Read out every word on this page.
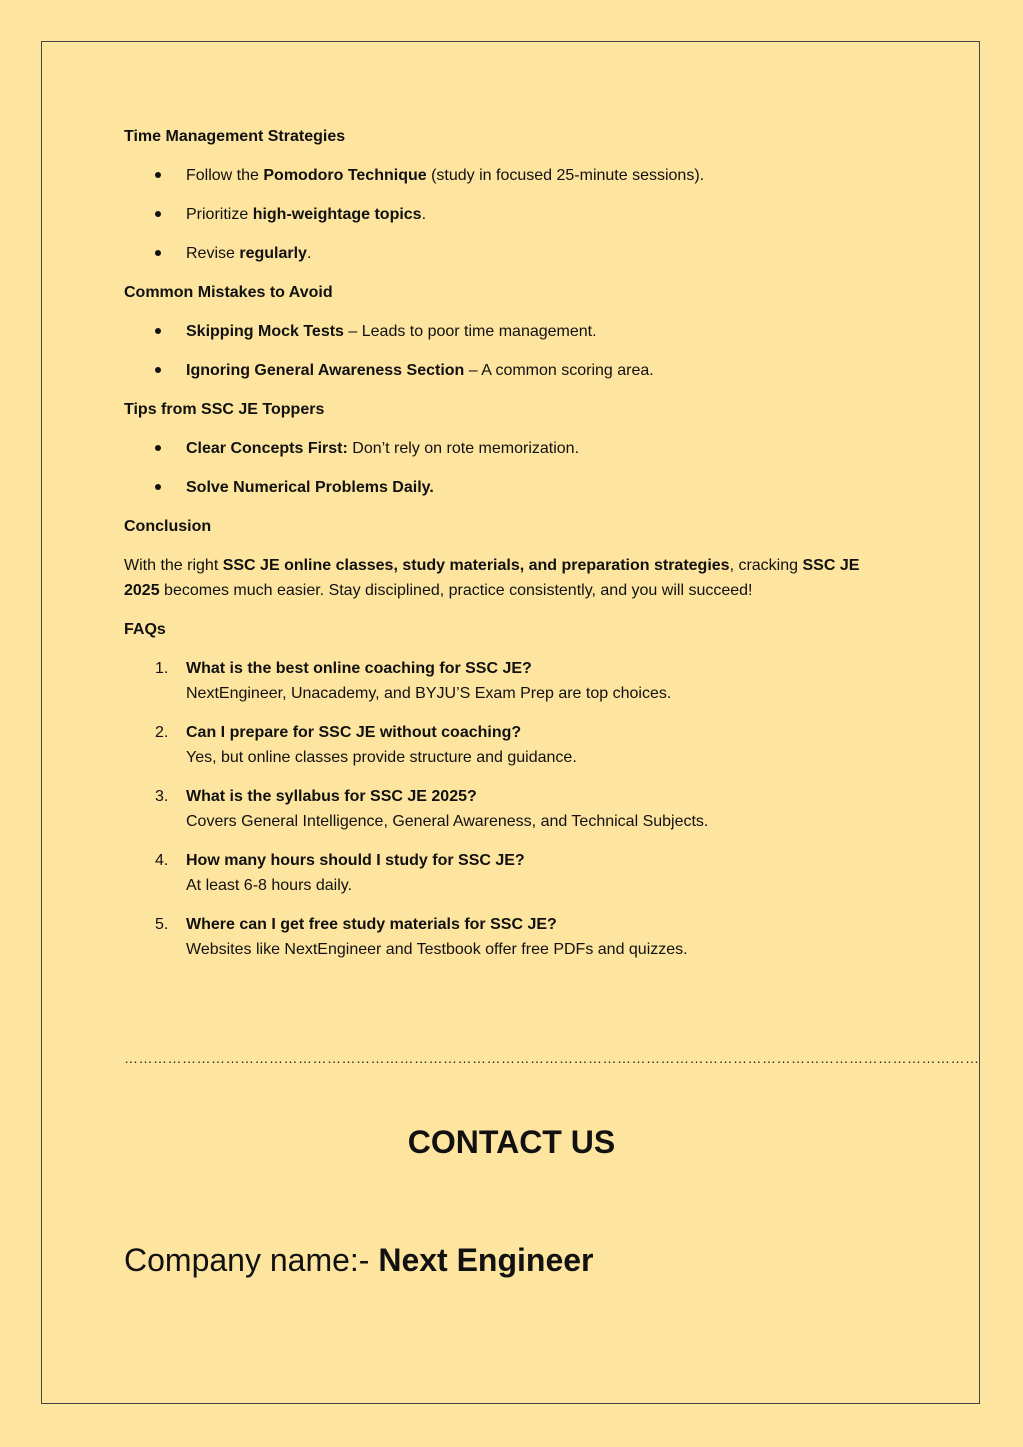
Time Management Strategies
Follow the Pomodoro Technique (study in focused 25-minute sessions).
Prioritize high-weightage topics.
Revise regularly.
Common Mistakes to Avoid
Skipping Mock Tests – Leads to poor time management.
Ignoring General Awareness Section – A common scoring area.
Tips from SSC JE Toppers
Clear Concepts First: Don’t rely on rote memorization.
Solve Numerical Problems Daily.
Conclusion

With the right SSC JE online classes, study materials, and preparation strategies, cracking SSC JE 2025 becomes much easier. Stay disciplined, practice consistently, and you will succeed!

FAQs
1. What is the best online coaching for SSC JE?
NextEngineer, Unacademy, and BYJU’S Exam Prep are top choices.
2. Can I prepare for SSC JE without coaching?
Yes, but online classes provide structure and guidance.
3. What is the syllabus for SSC JE 2025?
Covers General Intelligence, General Awareness, and Technical Subjects.
4. How many hours should I study for SSC JE?
At least 6-8 hours daily.
5. Where can I get free study materials for SSC JE?
Websites like NextEngineer and Testbook offer free PDFs and quizzes.
……………………………………………………………………………………………………………………………………………………………
CONTACT US
Company name:- Next Engineer
